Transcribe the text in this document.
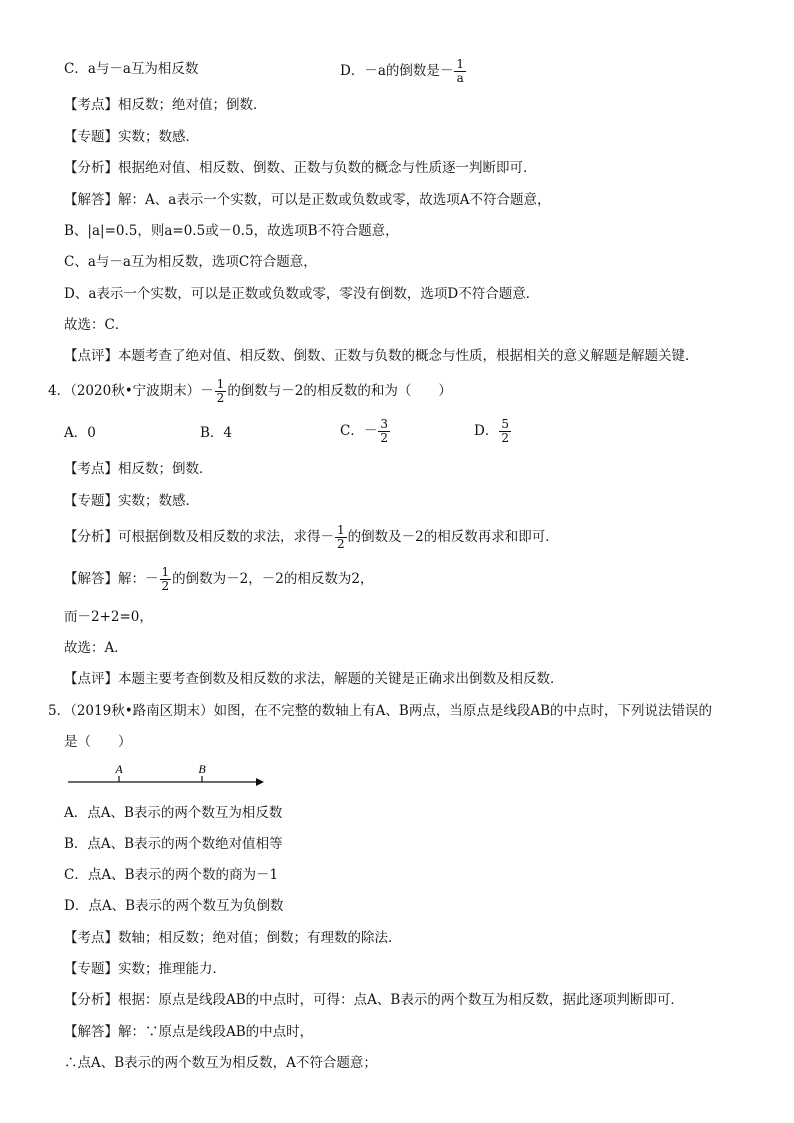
C．a与－a互为相反数	D．－a的倒数是－ $\frac{1}{a}$
【考点】相反数；绝对值；倒数．
【专题】实数；数感．
【分析】根据绝对值、相反数、倒数、正数与负数的概念与性质逐一判断即可．
【解答】解：A、a表示一个实数，可以是正数或负数或零，故选项A不符合题意，
B、|a|=0.5，则a=0.5或－0.5，故选项B不符合题意，
C、a与－a互为相反数，选项C符合题意，
D、a表示一个实数，可以是正数或负数或零，零没有倒数，选项D不符合题意．
故选：C．
【点评】本题考查了绝对值、相反数、倒数、正数与负数的概念与性质，根据相关的意义解题是解题关键．
4．（2020秋•宁波期末）－ $\frac{1}{2}$ 的倒数与－2的相反数的和为（　　）
A．0	B．4	C．－ $\frac{3}{2}$	D． $\frac{5}{2}$
【考点】相反数；倒数．
【专题】实数；数感．
【分析】可根据倒数及相反数的求法，求得－ $\frac{1}{2}$ 的倒数及－2的相反数再求和即可．
【解答】解：－ $\frac{1}{2}$ 的倒数为－2，－2的相反数为2，
而－2+2=0，
故选：A．
【点评】本题主要考查倒数及相反数的求法，解题的关键是正确求出倒数及相反数．
5．（2019秋•路南区期末）如图，在不完整的数轴上有A、B两点，当原点是线段AB的中点时，下列说法错误的
是（　　）
A	B
A．点A、B表示的两个数互为相反数
B．点A、B表示的两个数绝对值相等
C．点A、B表示的两个数的商为－1
D．点A、B表示的两个数互为负倒数
【考点】数轴；相反数；绝对值；倒数；有理数的除法．
【专题】实数；推理能力．
【分析】根据：原点是线段AB的中点时，可得：点A、B表示的两个数互为相反数，据此逐项判断即可．
【解答】解：∵原点是线段AB的中点时，
∴点A、B表示的两个数互为相反数，A不符合题意；
